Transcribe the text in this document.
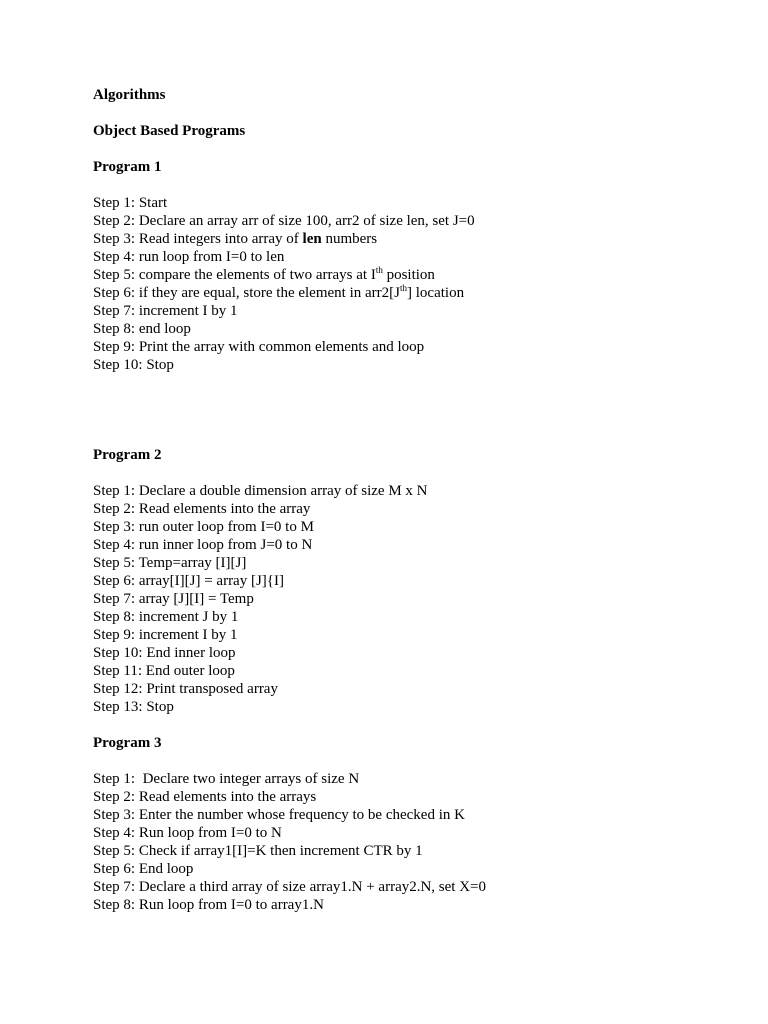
Algorithms
Object Based Programs
Program 1
Step 1: Start
Step 2: Declare an array arr of size 100, arr2 of size len, set J=0
Step 3: Read integers into array of len numbers
Step 4: run loop from I=0 to len
Step 5: compare the elements of two arrays at Ith position
Step 6: if they are equal, store the element in $arr2[J^{th}]$ location
Step 7: increment I by 1
Step 8: end loop
Step 9: Print the array with common elements and loop
Step 10: Stop
Program 2
Step 1: Declare a double dimension array of size M x N
Step 2: Read elements into the array
Step 3: run outer loop from I=0 to M
Step 4: run inner loop from J=0 to N
Step 5: Temp=array [I][J]
Step 6: array[I][J] = array [J]{I]
Step 7: array [J][I] = Temp
Step 8: increment J by 1
Step 9: increment I by 1
Step 10: End inner loop
Step 11: End outer loop
Step 12: Print transposed array
Step 13: Stop
Program 3
Step 1:  Declare two integer arrays of size N
Step 2: Read elements into the arrays
Step 3: Enter the number whose frequency to be checked in K
Step 4: Run loop from I=0 to N
Step 5: Check if array1[I]=K then increment CTR by 1
Step 6: End loop
Step 7: Declare a third array of size array1.N + array2.N, set X=0
Step 8: Run loop from I=0 to array1.N
